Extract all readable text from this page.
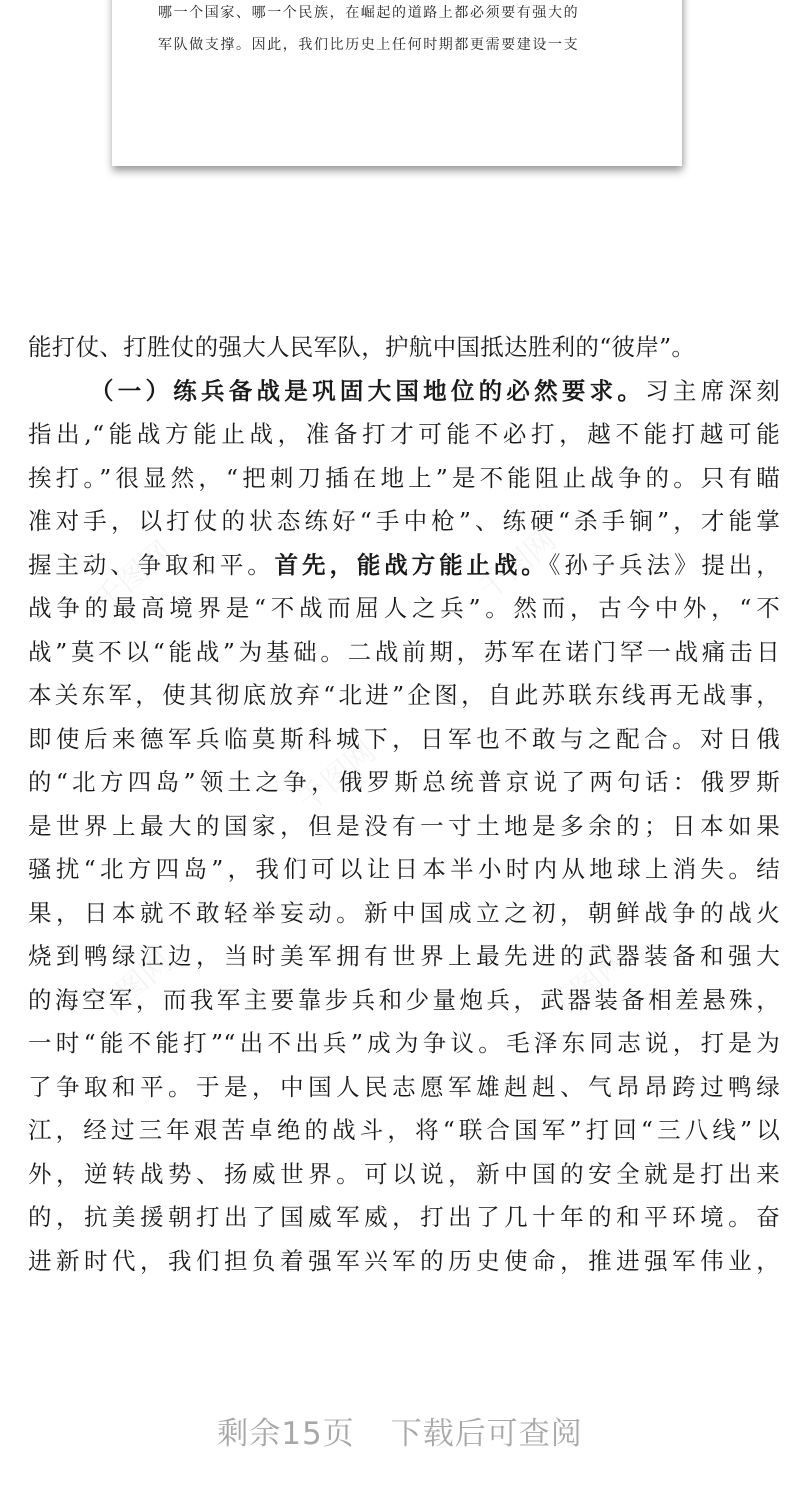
哪一个国家、哪一个民族，在崛起的道路上都必须要有强大的
军队做支撑。因此，我们比历史上任何时期都更需要建设一支
能打仗、打胜仗的强大人民军队，护航中国抵达胜利的“彼岸”。
（一）练兵备战是巩固大国地位的必然要求。习主席深刻
指出,“能战方能止战，准备打才可能不必打，越不能打越可能
挨打。”很显然，“把刺刀插在地上”是不能阻止战争的。只有瞄
准对手，以打仗的状态练好“手中枪”、练硬“杀手锏”，才能掌
握主动、争取和平。首先，能战方能止战。《孙子兵法》提出，
战争的最高境界是“不战而屈人之兵”。然而，古今中外，“不
战”莫不以“能战”为基础。二战前期，苏军在诺门罕一战痛击日
本关东军，使其彻底放弃“北进”企图，自此苏联东线再无战事，
即使后来德军兵临莫斯科城下，日军也不敢与之配合。对日俄
的“北方四岛”领土之争，俄罗斯总统普京说了两句话：俄罗斯
是世界上最大的国家，但是没有一寸土地是多余的；日本如果
骚扰“北方四岛”，我们可以让日本半小时内从地球上消失。结
果，日本就不敢轻举妄动。新中国成立之初，朝鲜战争的战火
烧到鸭绿江边，当时美军拥有世界上最先进的武器装备和强大
的海空军，而我军主要靠步兵和少量炮兵，武器装备相差悬殊，
一时“能不能打”“出不出兵”成为争议。毛泽东同志说，打是为
了争取和平。于是，中国人民志愿军雄赳赳、气昂昂跨过鸭绿
江，经过三年艰苦卓绝的战斗，将“联合国军”打回“三八线”以
外，逆转战势、扬威世界。可以说，新中国的安全就是打出来
的，抗美援朝打出了国威军威，打出了几十年的和平环境。奋
进新时代，我们担负着强军兴军的历史使命，推进强军伟业，
剩余15页 下载后可查阅
